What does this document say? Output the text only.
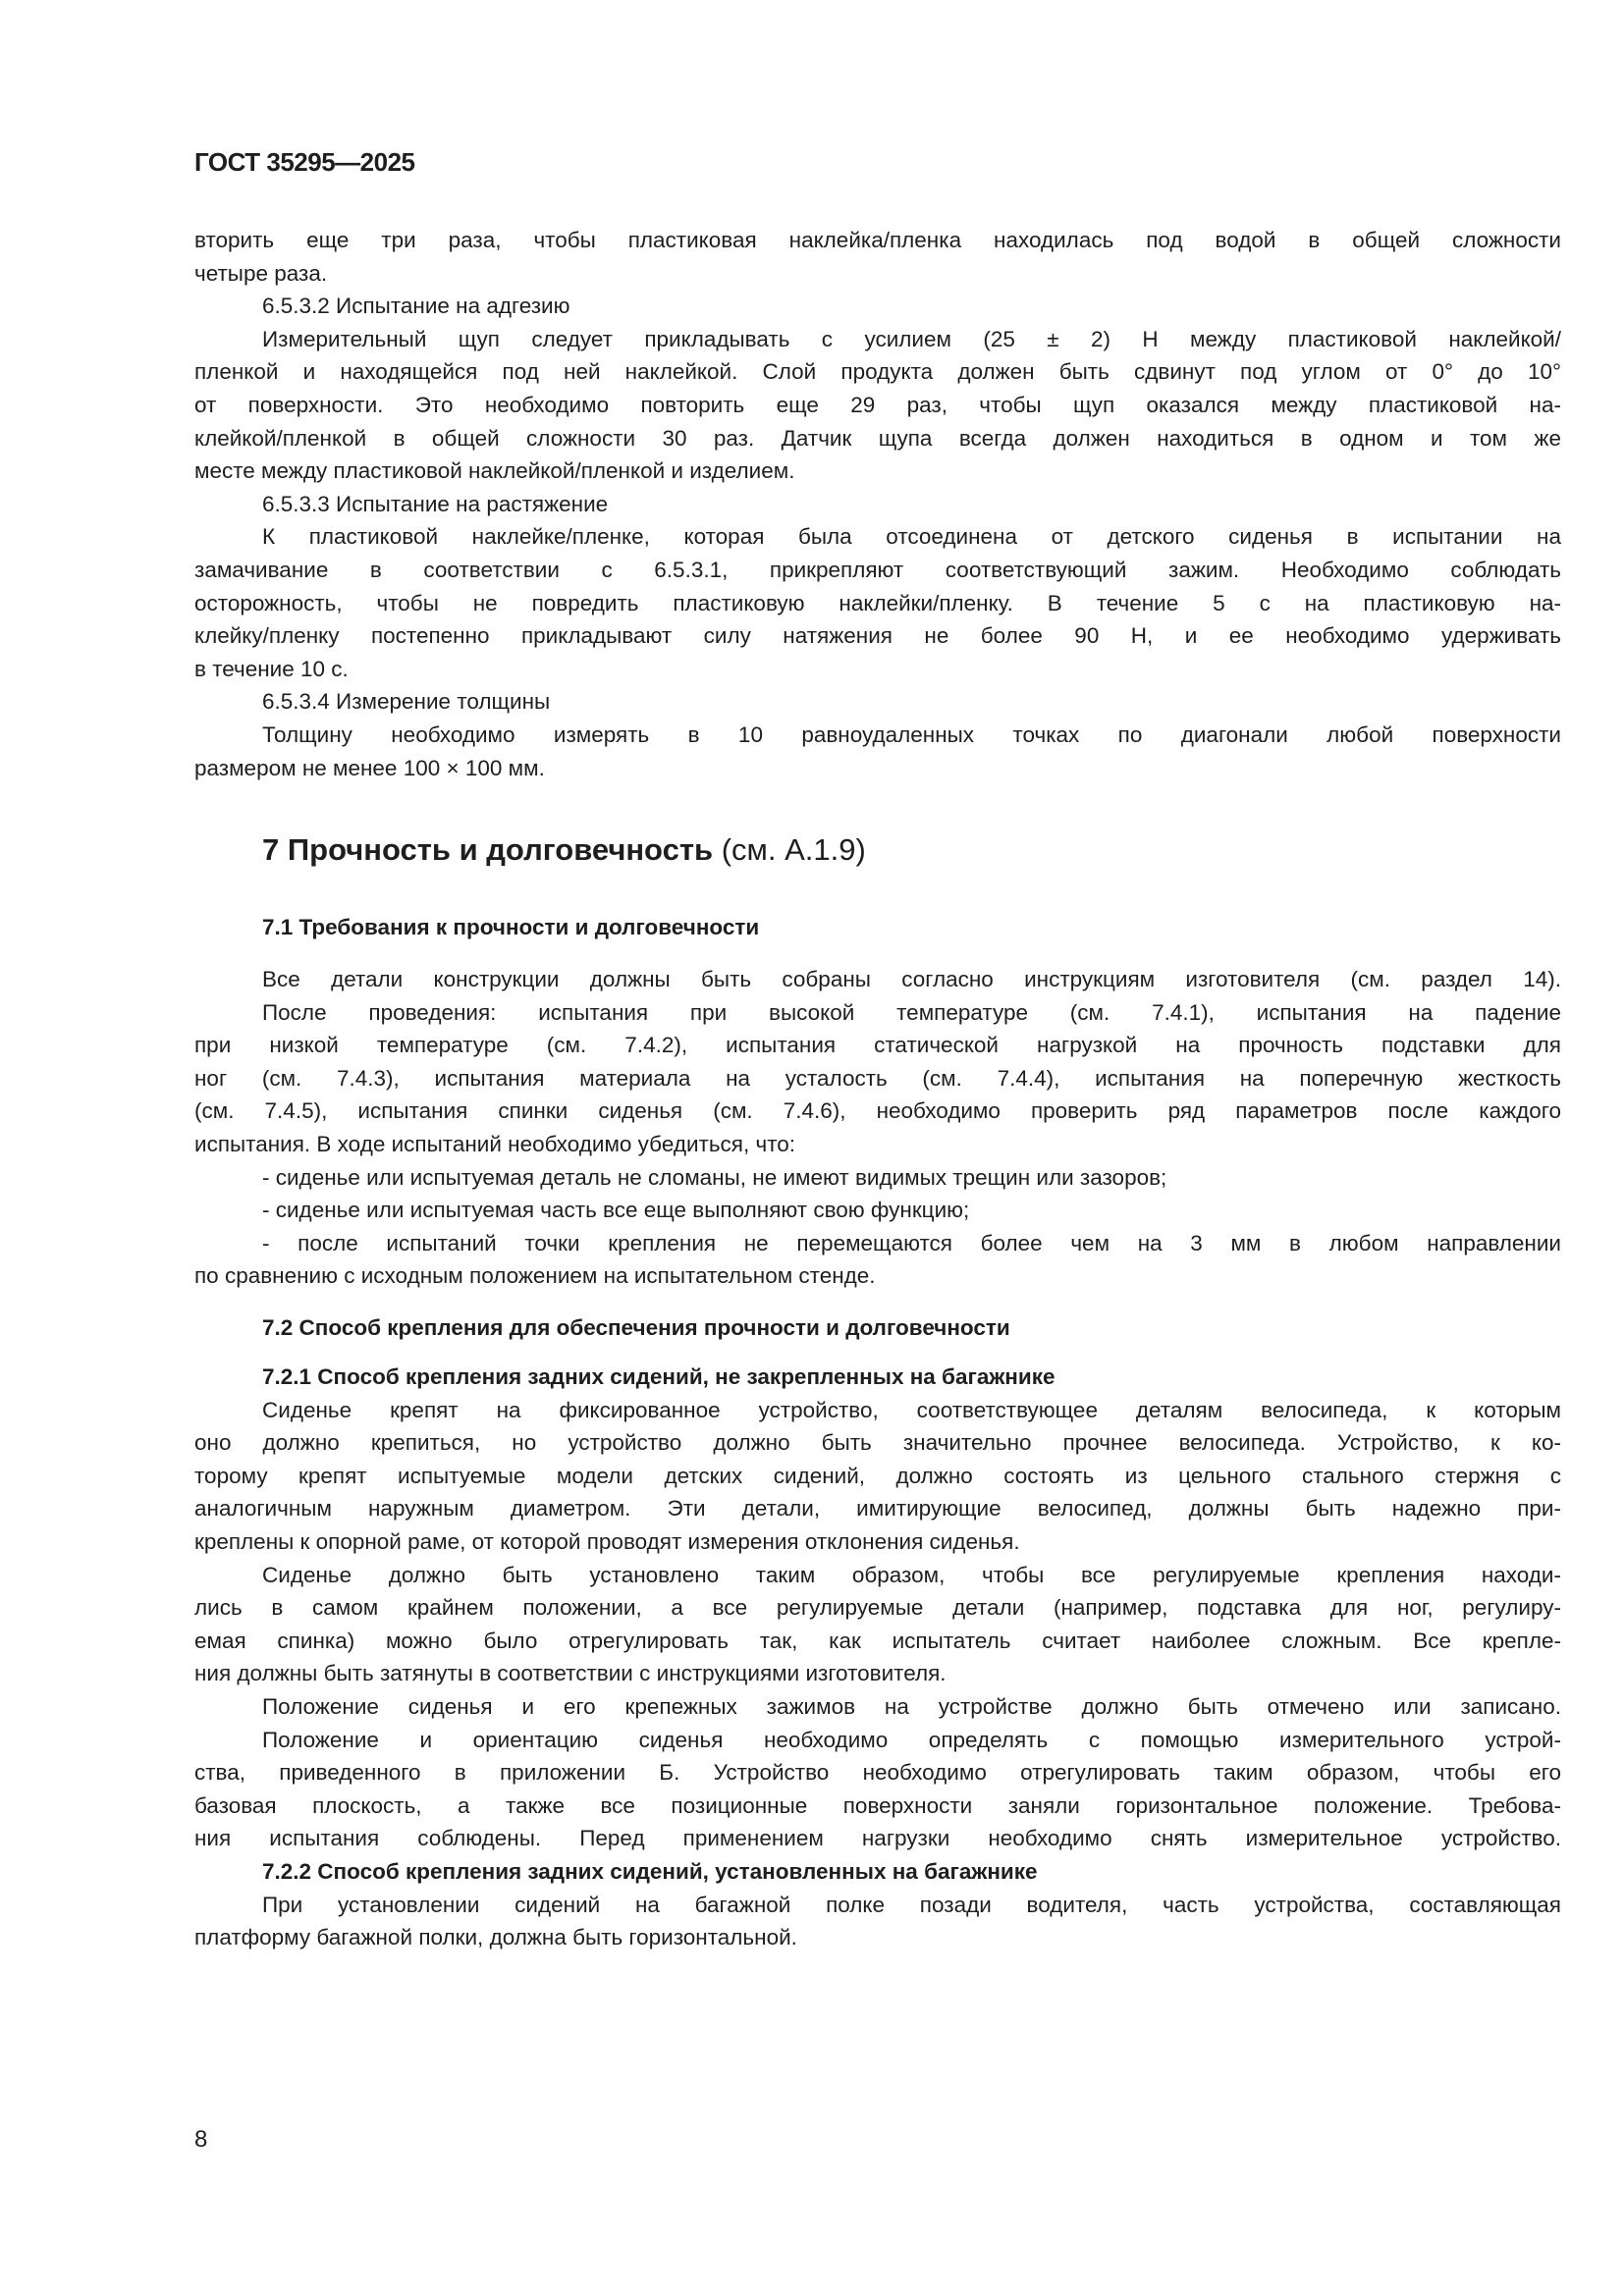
ГОСТ 35295—2025
вторить еще три раза, чтобы пластиковая наклейка/пленка находилась под водой в общей сложности
четыре раза.
6.5.3.2 Испытание на адгезию
Измерительный щуп следует прикладывать с усилием (25 ± 2) Н между пластиковой наклейкой/
пленкой и находящейся под ней наклейкой. Слой продукта должен быть сдвинут под углом от 0° до 10°
от поверхности. Это необходимо повторить еще 29 раз, чтобы щуп оказался между пластиковой на-
клейкой/пленкой в общей сложности 30 раз. Датчик щупа всегда должен находиться в одном и том же
месте между пластиковой наклейкой/пленкой и изделием.
6.5.3.3 Испытание на растяжение
К пластиковой наклейке/пленке, которая была отсоединена от детского сиденья в испытании на
замачивание в соответствии с 6.5.3.1, прикрепляют соответствующий зажим. Необходимо соблюдать
осторожность, чтобы не повредить пластиковую наклейки/пленку. В течение 5 с на пластиковую на-
клейку/пленку постепенно прикладывают силу натяжения не более 90 Н, и ее необходимо удерживать
в течение 10 с.
6.5.3.4 Измерение толщины
Толщину необходимо измерять в 10 равноудаленных точках по диагонали любой поверхности
размером не менее 100 × 100 мм.
7 Прочность и долговечность (см. А.1.9)
7.1 Требования к прочности и долговечности
Все детали конструкции должны быть собраны согласно инструкциям изготовителя (см. раздел 14).
После проведения: испытания при высокой температуре (см. 7.4.1), испытания на падение
при низкой температуре (см. 7.4.2), испытания статической нагрузкой на прочность подставки для
ног (см. 7.4.3), испытания материала на усталость (см. 7.4.4), испытания на поперечную жесткость
(см. 7.4.5), испытания спинки сиденья (см. 7.4.6), необходимо проверить ряд параметров после каждого
испытания. В ходе испытаний необходимо убедиться, что:
- сиденье или испытуемая деталь не сломаны, не имеют видимых трещин или зазоров;
- сиденье или испытуемая часть все еще выполняют свою функцию;
- после испытаний точки крепления не перемещаются более чем на 3 мм в любом направлении
по сравнению с исходным положением на испытательном стенде.
7.2 Способ крепления для обеспечения прочности и долговечности
7.2.1 Способ крепления задних сидений, не закрепленных на багажнике
Сиденье крепят на фиксированное устройство, соответствующее деталям велосипеда, к которым
оно должно крепиться, но устройство должно быть значительно прочнее велосипеда. Устройство, к ко-
торому крепят испытуемые модели детских сидений, должно состоять из цельного стального стержня с
аналогичным наружным диаметром. Эти детали, имитирующие велосипед, должны быть надежно при-
креплены к опорной раме, от которой проводят измерения отклонения сиденья.
Сиденье должно быть установлено таким образом, чтобы все регулируемые крепления находи-
лись в самом крайнем положении, а все регулируемые детали (например, подставка для ног, регулиру-
емая спинка) можно было отрегулировать так, как испытатель считает наиболее сложным. Все крепле-
ния должны быть затянуты в соответствии с инструкциями изготовителя.
Положение сиденья и его крепежных зажимов на устройстве должно быть отмечено или записано.
Положение и ориентацию сиденья необходимо определять с помощью измерительного устрой-
ства, приведенного в приложении Б. Устройство необходимо отрегулировать таким образом, чтобы его
базовая плоскость, а также все позиционные поверхности заняли горизонтальное положение. Требова-
ния испытания соблюдены. Перед применением нагрузки необходимо снять измерительное устройство.
7.2.2 Способ крепления задних сидений, установленных на багажнике
При установлении сидений на багажной полке позади водителя, часть устройства, составляющая
платформу багажной полки, должна быть горизонтальной.
8
